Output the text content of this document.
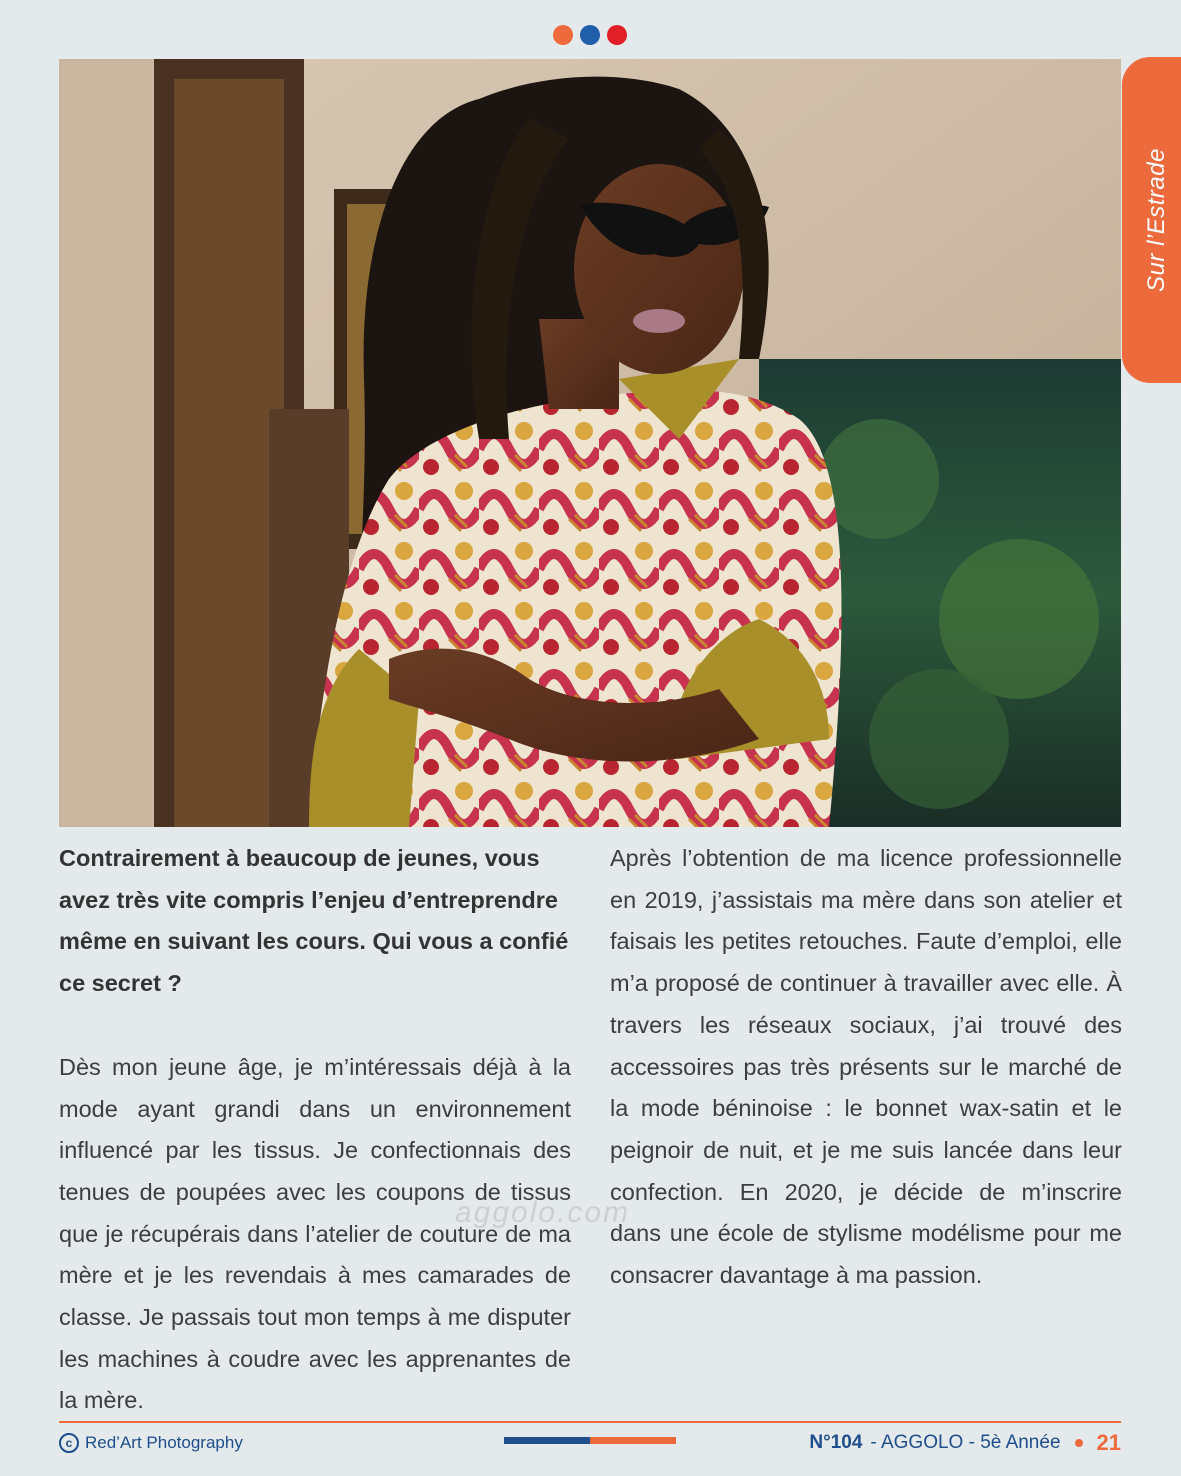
Sur l’Estrade

Contrairement à beaucoup de jeunes, vous avez très vite compris l’enjeu d’entreprendre même en suivant les cours. Qui vous a confié ce secret ?

Dès mon jeune âge, je m’intéressais déjà à la mode ayant grandi dans un environnement influencé par les tissus. Je confectionnais des tenues de poupées avec les coupons de tissus que je récupérais dans l’atelier de couture de ma mère et je les revendais à mes camarades de classe. Je passais tout mon temps à me disputer les machines à coudre avec les apprenantes de la mère.

Après l’obtention de ma licence professionnelle en 2019, j’assistais ma mère dans son atelier et faisais les petites retouches. Faute d’emploi, elle m’a proposé de continuer à travailler avec elle. À travers les réseaux sociaux, j’ai trouvé des accessoires pas très présents sur le marché de la mode béninoise : le bonnet wax-satin et le peignoir de nuit, et je me suis lancée dans leur confection. En 2020, je décide de m’inscrire dans une école de stylisme modélisme pour me consacrer davantage à ma passion.

aggolo.com
c Red’Art Photography	N°104 - AGGOLO - 5è Année 21
